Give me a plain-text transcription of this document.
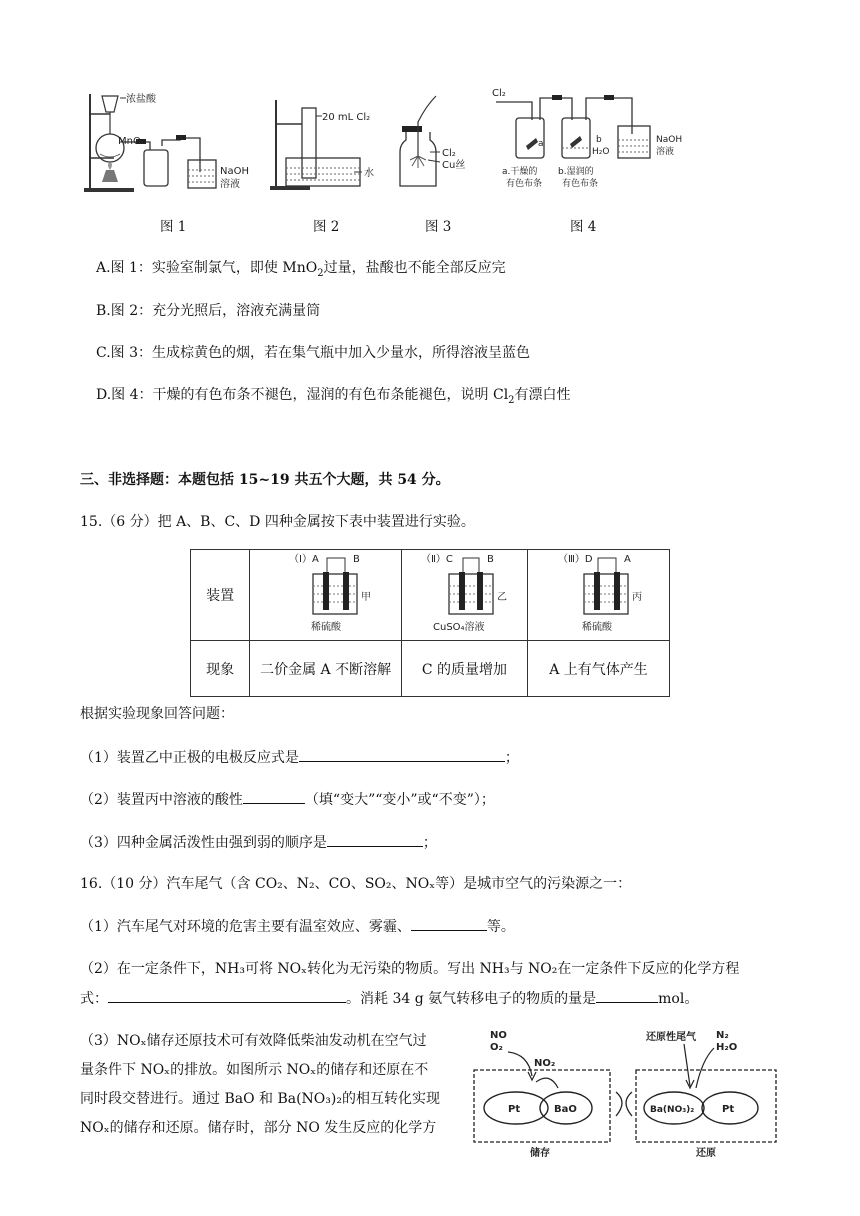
浓盐酸
MnO₂
NaOH
溶液
20 mL Cl₂
水
Cl₂
Cu丝
Cl₂
a	b
H₂O
a.干燥的
有色布条
b.湿润的
有色布条
NaOH
溶液
图 1	图 2	图 3	图 4
A.图 1：实验室制氯气，即使 MnO$_2$过量，盐酸也不能全部反应完
B.图 2：充分光照后，溶液充满量筒
C.图 3：生成棕黄色的烟，若在集气瓶中加入少量水，所得溶液呈蓝色
D.图 4：干燥的有色布条不褪色，湿润的有色布条能褪色，说明 $Cl_2$有漂白性
三、非选择题：本题包括 15~19 共五个大题，共 54 分。
15.（6 分）把 A、B、C、D 四种金属按下表中装置进行实验。
装置	（Ⅰ）A B
甲
稀硫酸	（Ⅱ）C B
乙
CuSO₄溶液	（Ⅲ）D A
丙
稀硫酸

现象	二价金属 A 不断溶解	C 的质量增加	A 上有气体产生
根据实验现象回答问题：
（1）装置乙中正极的电极反应式是	；
（2）装置丙中溶液的酸性	（填“变大”“变小”或“不变”）；
（3）四种金属活泼性由强到弱的顺序是	；
16.（10 分）汽车尾气（含 CO₂、N₂、CO、SO₂、NOₓ等）是城市空气的污染源之一：
（1）汽车尾气对环境的危害主要有温室效应、雾霾、	等。
（2）在一定条件下，NH₃可将 NOₓ转化为无污染的物质。写出 NH₃与 NO₂在一定条件下反应的化学方程
式：	。消耗 34 g 氨气转移电子的物质的量是	mol。
（3）NOₓ储存还原技术可有效降低柴油发动机在空气过
量条件下 NOₓ的排放。如图所示 NOₓ的储存和还原在不
同时段交替进行。通过 BaO 和 Ba(NO₃)₂的相互转化实现
NOₓ的储存和还原。储存时，部分 NO 发生反应的化学方
NO
O₂
NO₂
Pt	BaO
还原性尾气 N₂
H₂O
Ba(NO₃)₂	Pt
储存	还原
